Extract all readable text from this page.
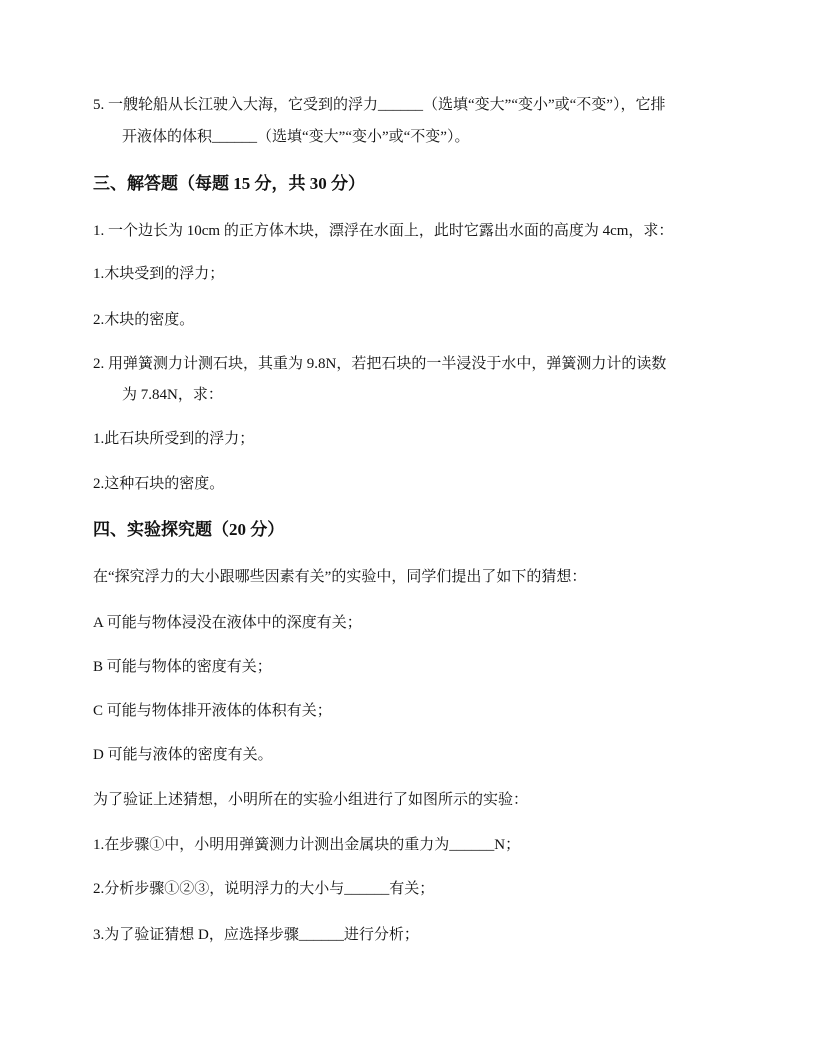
5. 一艘轮船从长江驶入大海，它受到的浮力______（选填“变大”“变小”或“不变”），它排
开液体的体积______（选填“变大”“变小”或“不变”）。
三、解答题（每题 15 分，共 30 分）
1. 一个边长为 10cm 的正方体木块，漂浮在水面上，此时它露出水面的高度为 4cm，求：
1.木块受到的浮力；
2.木块的密度。
2. 用弹簧测力计测石块，其重为 9.8N，若把石块的一半浸没于水中，弹簧测力计的读数
为 7.84N，求：
1.此石块所受到的浮力；
2.这种石块的密度。
四、实验探究题（20 分）
在“探究浮力的大小跟哪些因素有关”的实验中，同学们提出了如下的猜想：
A 可能与物体浸没在液体中的深度有关；
B 可能与物体的密度有关；
C 可能与物体排开液体的体积有关；
D 可能与液体的密度有关。
为了验证上述猜想，小明所在的实验小组进行了如图所示的实验：
1.在步骤①中，小明用弹簧测力计测出金属块的重力为______N；
2.分析步骤①②③，说明浮力的大小与______有关；
3.为了验证猜想 D，应选择步骤______进行分析；
